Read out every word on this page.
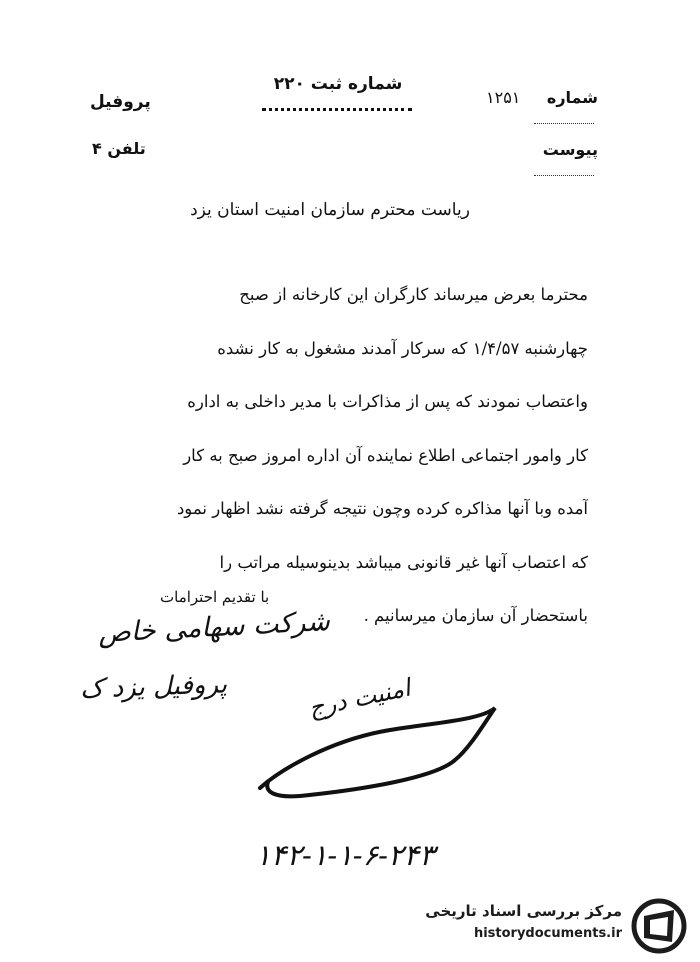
پروفیل
تلفن ۴
شماره ثبت ۲۲۰
شماره
۱۲۵۱
پیوست
ریاست محترم سازمان امنیت استان یزد
محترما بعرض میرساند کارگران این کارخانه از صبح
چهارشنبه ۱/۴/۵۷ که سرکار آمدند مشغول به کار نشده
واعتصاب نمودند که پس از مذاکرات با مدیر داخلی به اداره
کار وامور اجتماعی اطلاع نماینده آن اداره امروز صبح به کار
آمده وبا آنها مذاکره کرده وچون نتیجه گرفته نشد اظهار نمود
که اعتصاب آنها غیر قانونی میباشد بدینوسیله مراتب را
باستحضار آن سازمان میرسانیم .
با تقدیم احترامات
شرکت سهامی خاص
پروفیل یزد ک	امنیت درج
۱۴۲-۱-۱-۶-۲۴۳
مرکز بررسی اسناد تاریخی
historydocuments.ir
